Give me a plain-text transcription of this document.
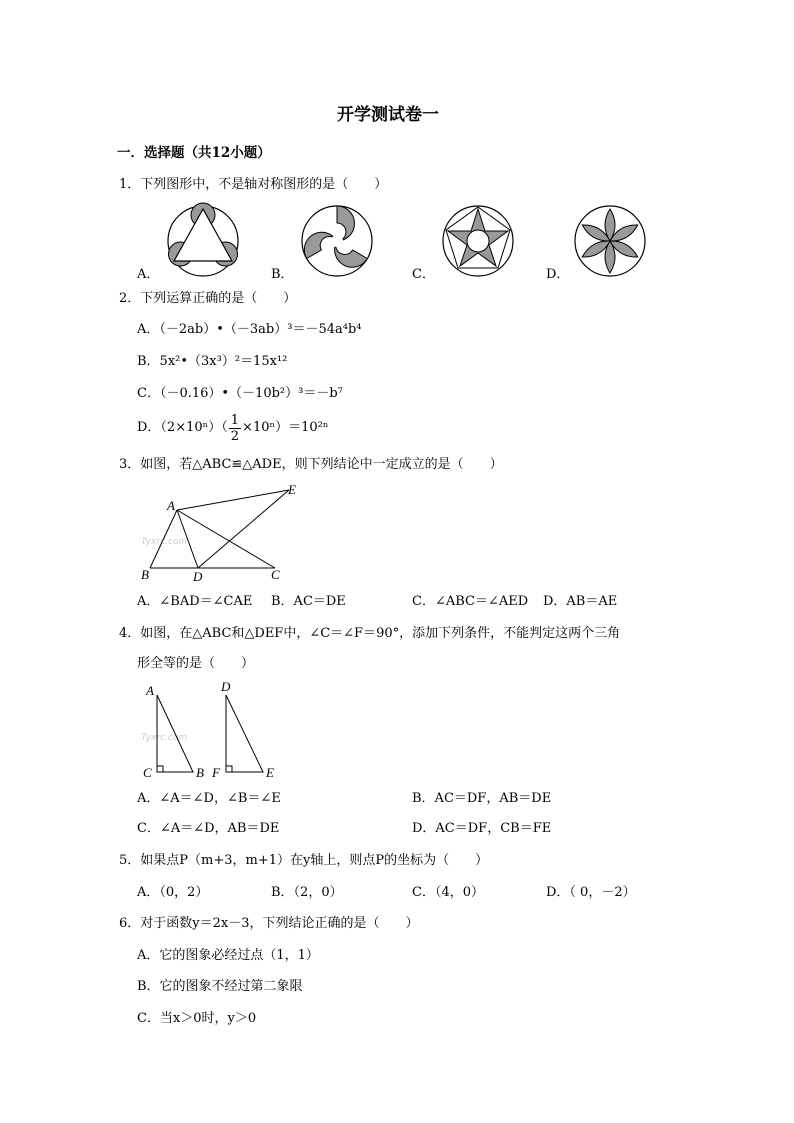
开学测试卷一
一．选择题（共12小题）
1．下列图形中，不是轴对称图形的是（　　）
A．	B．	C．	D．
2．下列运算正确的是（　　）
A．（－2ab）•（－3ab）³＝－54a⁴b⁴
B．5x²•（3x³）²＝15x¹²
C．（－0.16）•（－10b²）³＝－b⁷
D．$(2\times 10^n)( \frac{1}{2} \times 10^n)=10^{2n}$
3．如图，若△ABC≌△ADE，则下列结论中一定成立的是（　　）
Tyxrc.com
A
B	C
D
E
A．∠BAD＝∠CAE B．AC＝DE	C．∠ABC＝∠AED D．AB＝AE
4．如图，在△ABC和△DEF中，∠C＝∠F＝90°，添加下列条件，不能判定这两个三角
形全等的是（　　）
Tyxrc.com
A
C	B
D
F	E
A．∠A＝∠D，∠B＝∠E	B．AC＝DF，AB＝DE
C．∠A＝∠D，AB＝DE	D．AC＝DF，CB＝FE
5．如果点P（m+3，m+1）在y轴上，则点P的坐标为（　　）
A．（0，2）	B．（2，0）	C．（4，0）	D．（ 0，－2）
6．对于函数y＝2x－3，下列结论正确的是（　　）
A．它的图象必经过点（1，1）
B．它的图象不经过第二象限
C．当x＞0时，y＞0
